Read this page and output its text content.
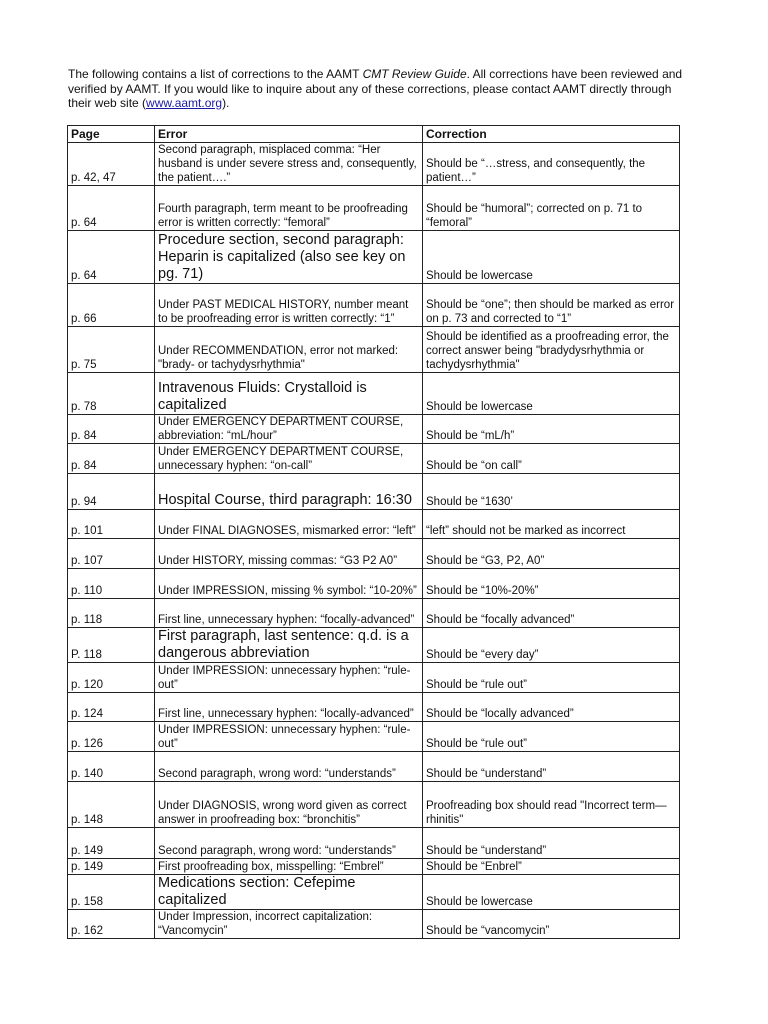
The following contains a list of corrections to the AAMT CMT Review Guide. All corrections have been reviewed and verified by AAMT. If you would like to inquire about any of these corrections, please contact AAMT directly through their web site (www.aamt.org).
Page	Error	Correction
p. 42, 47	Second paragraph, misplaced comma: “Her husband is under severe stress and, consequently, the patient….”	Should be “…stress, and consequently, the patient…”
p. 64	Fourth paragraph, term meant to be proofreading error is written correctly: “femoral”	Should be “humoral”; corrected on p. 71 to “femoral”
p. 64	Procedure section, second paragraph: Heparin is capitalized (also see key on pg. 71)	Should be lowercase
p. 66	Under PAST MEDICAL HISTORY, number meant to be proofreading error is written correctly: “1”	Should be “one”; then should be marked as error on p. 73 and corrected to “1”
p. 75	Under RECOMMENDATION, error not marked: "brady- or tachydysrhythmia"	Should be identified as a proofreading error, the correct answer being "bradydysrhythmia or tachydysrhythmia"
p. 78	Intravenous Fluids: Crystalloid is capitalized	Should be lowercase
p. 84	Under EMERGENCY DEPARTMENT COURSE, abbreviation: “mL/hour”	Should be “mL/h”
p. 84	Under EMERGENCY DEPARTMENT COURSE, unnecessary hyphen: “on-call”	Should be “on call”
p. 94	Hospital Course, third paragraph: 16:30	Should be “1630’
p. 101	Under FINAL DIAGNOSES, mismarked error: “left”	“left” should not be marked as incorrect
p. 107	Under HISTORY, missing commas: “G3 P2 A0”	Should be “G3, P2, A0”
p. 110	Under IMPRESSION, missing % symbol: “10-20%”	Should be “10%-20%”
p. 118	First line, unnecessary hyphen: “focally-advanced”	Should be “focally advanced”
P. 118	First paragraph, last sentence: q.d. is a dangerous abbreviation	Should be “every day”
p. 120	Under IMPRESSION: unnecessary hyphen: “rule-out”	Should be “rule out”
p. 124	First line, unnecessary hyphen: “locally-advanced”	Should be “locally advanced”
p. 126	Under IMPRESSION: unnecessary hyphen: “rule-out”	Should be “rule out”
p. 140	Second paragraph, wrong word: “understands”	Should be “understand”
p. 148	Under DIAGNOSIS, wrong word given as correct answer in proofreading box: “bronchitis”	Proofreading box should read "Incorrect term—rhinitis"
p. 149	Second paragraph, wrong word: “understands”	Should be “understand”
p. 149	First proofreading box, misspelling: “Embrel”	Should be “Enbrel”
p. 158	Medications section: Cefepime capitalized	Should be lowercase
p. 162	Under Impression, incorrect capitalization: “Vancomycin”	Should be “vancomycin”
